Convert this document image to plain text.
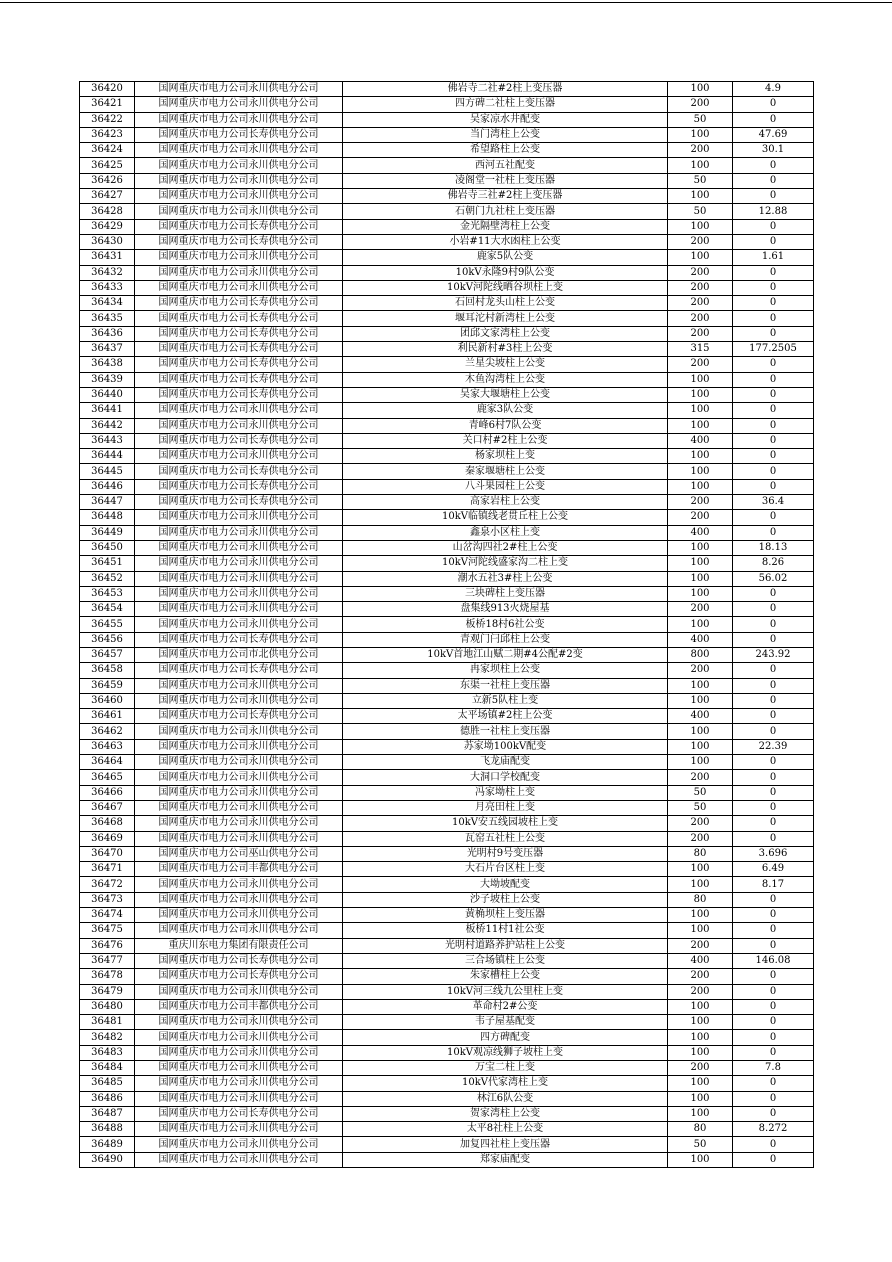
36420	国网重庆市电力公司永川供电分公司	佛岩寺二社#2柱上变压器	100	4.9
36421	国网重庆市电力公司永川供电分公司	四方碑二社柱上变压器	200	0
36422	国网重庆市电力公司永川供电分公司	吴家凉水井配变	50	0
36423	国网重庆市电力公司长寿供电分公司	当门湾柱上公变	100	47.69
36424	国网重庆市电力公司永川供电分公司	希望路柱上公变	200	30.1
36425	国网重庆市电力公司永川供电分公司	西河五社配变	100	0
36426	国网重庆市电力公司永川供电分公司	凌阁堂一社柱上变压器	50	0
36427	国网重庆市电力公司永川供电分公司	佛岩寺三社#2柱上变压器	100	0
36428	国网重庆市电力公司永川供电分公司	石朝门九社柱上变压器	50	12.88
36429	国网重庆市电力公司长寿供电分公司	金光隔壁湾柱上公变	100	0
36430	国网重庆市电力公司长寿供电分公司	小岩#11大水凼柱上公变	200	0
36431	国网重庆市电力公司永川供电分公司	鹿家5队公变	100	1.61
36432	国网重庆市电力公司永川供电分公司	10kV永隆9村9队公变	200	0
36433	国网重庆市电力公司永川供电分公司	10kV河陀线晒谷坝柱上变	200	0
36434	国网重庆市电力公司长寿供电分公司	石回村龙头山柱上公变	200	0
36435	国网重庆市电力公司长寿供电分公司	堰耳沱村新湾柱上公变	200	0
36436	国网重庆市电力公司长寿供电分公司	团邱文家湾柱上公变	200	0
36437	国网重庆市电力公司长寿供电分公司	利民新村#3柱上公变	315	177.2505
36438	国网重庆市电力公司长寿供电分公司	兰星尖坡柱上公变	200	0
36439	国网重庆市电力公司长寿供电分公司	木鱼沟湾柱上公变	100	0
36440	国网重庆市电力公司长寿供电分公司	吴家大堰塘柱上公变	100	0
36441	国网重庆市电力公司永川供电分公司	鹿家3队公变	100	0
36442	国网重庆市电力公司永川供电分公司	青峰6村7队公变	100	0
36443	国网重庆市电力公司长寿供电分公司	关口村#2柱上公变	400	0
36444	国网重庆市电力公司永川供电分公司	杨家坝柱上变	100	0
36445	国网重庆市电力公司长寿供电分公司	秦家堰塘柱上公变	100	0
36446	国网重庆市电力公司长寿供电分公司	八斗果园柱上公变	100	0
36447	国网重庆市电力公司长寿供电分公司	高家岩柱上公变	200	36.4
36448	国网重庆市电力公司永川供电分公司	10kV临镇线老贯丘柱上公变	200	0
36449	国网重庆市电力公司永川供电分公司	鑫泉小区柱上变	400	0
36450	国网重庆市电力公司永川供电分公司	山岔沟四社2#柱上公变	100	18.13
36451	国网重庆市电力公司永川供电分公司	10kV河陀线盛家沟二柱上变	100	8.26
36452	国网重庆市电力公司永川供电分公司	潮水五社3#柱上公变	100	56.02
36453	国网重庆市电力公司永川供电分公司	三块碑柱上变压器	100	0
36454	国网重庆市电力公司永川供电分公司	盘集线913火烧屋基	200	0
36455	国网重庆市电力公司永川供电分公司	板桥18村6社公变	100	0
36456	国网重庆市电力公司长寿供电分公司	青观门闩邱柱上公变	400	0
36457	国网重庆市电力公司市北供电分公司	10kV首地江山赋二期#4公配#2变	800	243.92
36458	国网重庆市电力公司长寿供电分公司	冉家坝柱上公变	200	0
36459	国网重庆市电力公司永川供电分公司	东渠一社柱上变压器	100	0
36460	国网重庆市电力公司永川供电分公司	立新5队柱上变	100	0
36461	国网重庆市电力公司长寿供电分公司	太平场镇#2柱上公变	400	0
36462	国网重庆市电力公司永川供电分公司	德胜一社柱上变压器	100	0
36463	国网重庆市电力公司永川供电分公司	苏家坳100kV配变	100	22.39
36464	国网重庆市电力公司永川供电分公司	飞龙庙配变	100	0
36465	国网重庆市电力公司永川供电分公司	大洞口学校配变	200	0
36466	国网重庆市电力公司永川供电分公司	冯家坳柱上变	50	0
36467	国网重庆市电力公司永川供电分公司	月亮田柱上变	50	0
36468	国网重庆市电力公司永川供电分公司	10kV安五线园坡柱上变	200	0
36469	国网重庆市电力公司永川供电分公司	瓦窑五社柱上公变	200	0
36470	国网重庆市电力公司巫山供电分公司	光明村9号变压器	80	3.696
36471	国网重庆市电力公司丰都供电分公司	大石片台区柱上变	100	6.49
36472	国网重庆市电力公司永川供电分公司	大坳坡配变	100	8.17
36473	国网重庆市电力公司永川供电分公司	沙子坡柱上公变	80	0
36474	国网重庆市电力公司永川供电分公司	黄桷坝柱上变压器	100	0
36475	国网重庆市电力公司永川供电分公司	板桥11村1社公变	100	0
36476	重庆川东电力集团有限责任公司	光明村道路养护站柱上公变	200	0
36477	国网重庆市电力公司长寿供电分公司	三合场镇柱上公变	400	146.08
36478	国网重庆市电力公司长寿供电分公司	朱家槽柱上公变	200	0
36479	国网重庆市电力公司永川供电分公司	10kV河三线九公里柱上变	200	0
36480	国网重庆市电力公司丰都供电分公司	革命村2#公变	100	0
36481	国网重庆市电力公司永川供电分公司	韦子屋基配变	100	0
36482	国网重庆市电力公司永川供电分公司	四方碑配变	100	0
36483	国网重庆市电力公司永川供电分公司	10kV观凉线狮子坡柱上变	100	0
36484	国网重庆市电力公司永川供电分公司	万宝二柱上变	200	7.8
36485	国网重庆市电力公司永川供电分公司	10kV代家湾柱上变	100	0
36486	国网重庆市电力公司永川供电分公司	林江6队公变	100	0
36487	国网重庆市电力公司长寿供电分公司	贺家湾柱上公变	100	0
36488	国网重庆市电力公司永川供电分公司	太平8社柱上公变	80	8.272
36489	国网重庆市电力公司永川供电分公司	加复四社柱上变压器	50	0
36490	国网重庆市电力公司永川供电分公司	郑家庙配变	100	0
